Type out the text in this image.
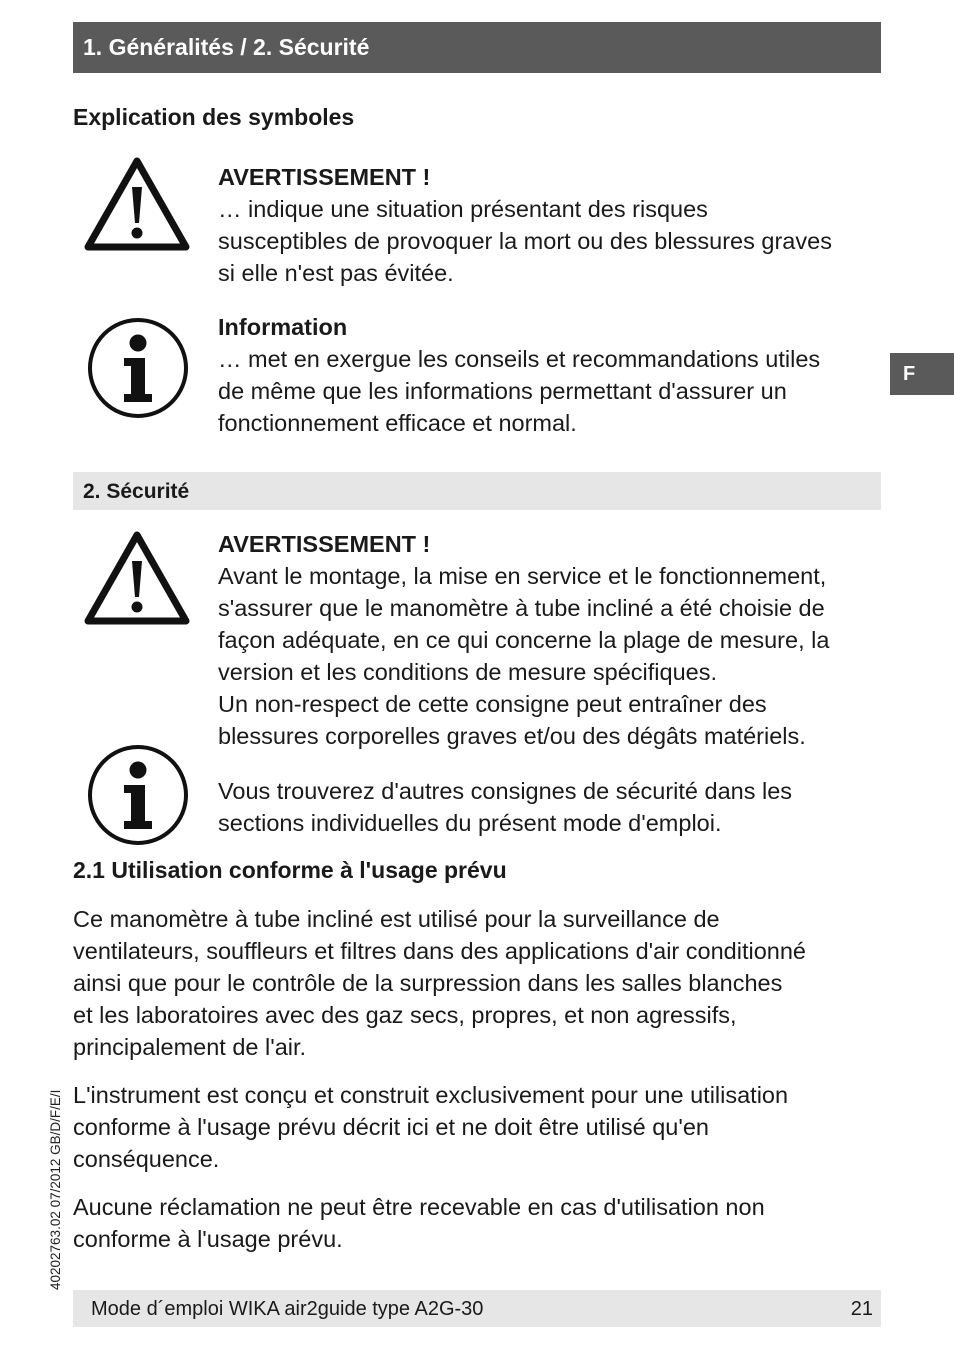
1. Généralités / 2. Sécurité
Explication des symboles

AVERTISSEMENT !

… indique une situation présentant des risques

susceptibles de provoquer la mort ou des blessures graves

si elle n'est pas évitée.

Information

… met en exergue les conseils et recommandations utiles

de même que les informations permettant d'assurer un

fonctionnement efficace et normal.

F
2. Sécurité

AVERTISSEMENT !

Avant le montage, la mise en service et le fonctionnement,

s'assurer que le manomètre à tube incliné a été choisie de

façon adéquate, en ce qui concerne la plage de mesure, la

version et les conditions de mesure spécifiques.

Un non-respect de cette consigne peut entraîner des

blessures corporelles graves et/ou des dégâts matériels.

Vous trouverez d'autres consignes de sécurité dans les

sections individuelles du présent mode d'emploi.

2.1 Utilisation conforme à l'usage prévu

Ce manomètre à tube incliné est utilisé pour la surveillance de

ventilateurs, souffleurs et filtres dans des applications d'air conditionné

ainsi que pour le contrôle de la surpression dans les salles blanches

et les laboratoires avec des gaz secs, propres, et non agressifs,

principalement de l'air.

L'instrument est conçu et construit exclusivement pour une utilisation

conforme à l'usage prévu décrit ici et ne doit être utilisé qu'en

conséquence.

Aucune réclamation ne peut être recevable en cas d'utilisation non

conforme à l'usage prévu.

40202763.02 07/2012 GB/D/F/E/I
Mode d´emploi WIKA air2guide type A2G-30	21
